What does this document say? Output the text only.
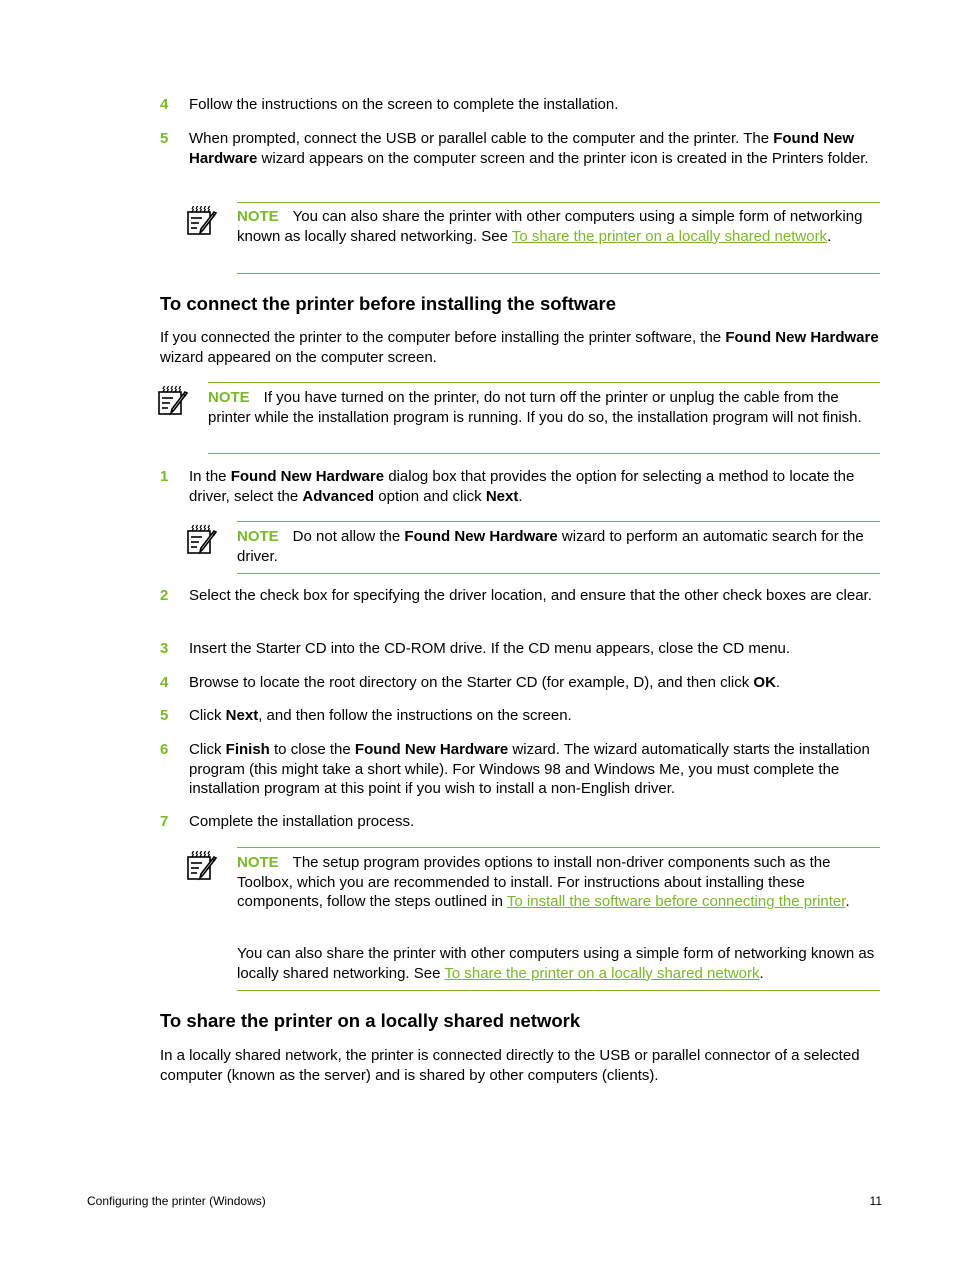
4 Follow the instructions on the screen to complete the installation.
5 When prompted, connect the USB or parallel cable to the computer and the printer. The Found New Hardware wizard appears on the computer screen and the printer icon is created in the Printers folder.
NOTE You can also share the printer with other computers using a simple form of networking known as locally shared networking. See To share the printer on a locally shared network.
To connect the printer before installing the software
If you connected the printer to the computer before installing the printer software, the Found New Hardware wizard appeared on the computer screen.
NOTE If you have turned on the printer, do not turn off the printer or unplug the cable from the printer while the installation program is running. If you do so, the installation program will not finish.
1 In the Found New Hardware dialog box that provides the option for selecting a method to locate the driver, select the Advanced option and click Next.
NOTE Do not allow the Found New Hardware wizard to perform an automatic search for the driver.
2 Select the check box for specifying the driver location, and ensure that the other check boxes are clear.
3 Insert the Starter CD into the CD-ROM drive. If the CD menu appears, close the CD menu.
4 Browse to locate the root directory on the Starter CD (for example, D), and then click OK.
5 Click Next, and then follow the instructions on the screen.
6 Click Finish to close the Found New Hardware wizard. The wizard automatically starts the installation program (this might take a short while). For Windows 98 and Windows Me, you must complete the installation program at this point if you wish to install a non-English driver.
7 Complete the installation process.
NOTE The setup program provides options to install non-driver components such as the Toolbox, which you are recommended to install. For instructions about installing these components, follow the steps outlined in To install the software before connecting the printer.
You can also share the printer with other computers using a simple form of networking known as locally shared networking. See To share the printer on a locally shared network.
To share the printer on a locally shared network
In a locally shared network, the printer is connected directly to the USB or parallel connector of a selected computer (known as the server) and is shared by other computers (clients).
Configuring the printer (Windows)	11
